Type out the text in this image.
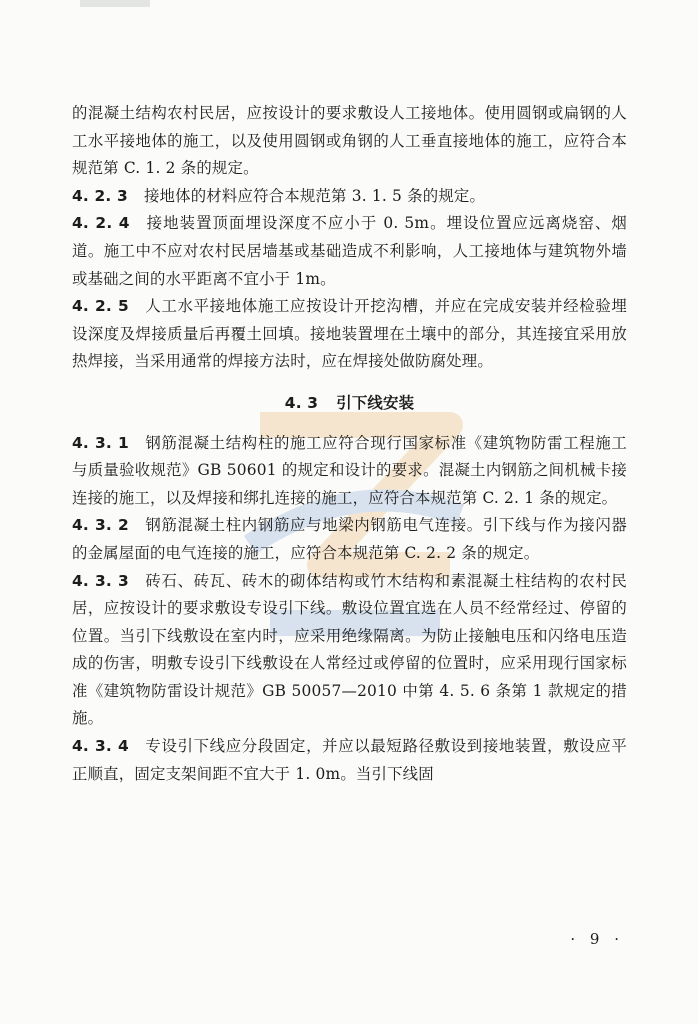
的混凝土结构农村民居，应按设计的要求敷设人工接地体。使用圆钢或扁钢的人工水平接地体的施工，以及使用圆钢或角钢的人工垂直接地体的施工，应符合本规范第 C. 1. 2 条的规定。

4. 2. 3 接地体的材料应符合本规范第 3. 1. 5 条的规定。

4. 2. 4 接地装置顶面埋设深度不应小于 0. 5m。埋设位置应远离烧窑、烟道。施工中不应对农村民居墙基或基础造成不利影响，人工接地体与建筑物外墙或基础之间的水平距离不宜小于 1m。

4. 2. 5 人工水平接地体施工应按设计开挖沟槽，并应在完成安装并经检验埋设深度及焊接质量后再覆土回填。接地装置埋在土壤中的部分，其连接宜采用放热焊接，当采用通常的焊接方法时，应在焊接处做防腐处理。

4. 3 引下线安装

4. 3. 1 钢筋混凝土结构柱的施工应符合现行国家标准《建筑物防雷工程施工与质量验收规范》GB 50601 的规定和设计的要求。混凝土内钢筋之间机械卡接连接的施工，以及焊接和绑扎连接的施工，应符合本规范第 C. 2. 1 条的规定。

4. 3. 2 钢筋混凝土柱内钢筋应与地梁内钢筋电气连接。引下线与作为接闪器的金属屋面的电气连接的施工，应符合本规范第 C. 2. 2 条的规定。

4. 3. 3 砖石、砖瓦、砖木的砌体结构或竹木结构和素混凝土柱结构的农村民居，应按设计的要求敷设专设引下线。敷设位置宜选在人员不经常经过、停留的位置。当引下线敷设在室内时，应采用绝缘隔离。为防止接触电压和闪络电压造成的伤害，明敷专设引下线敷设在人常经过或停留的位置时，应采用现行国家标准《建筑物防雷设计规范》GB 50057—2010 中第 4. 5. 6 条第 1 款规定的措施。

4. 3. 4 专设引下线应分段固定，并应以最短路径敷设到接地装置，敷设应平正顺直，固定支架间距不宜大于 1. 0m。当引下线固

· 9 ·
